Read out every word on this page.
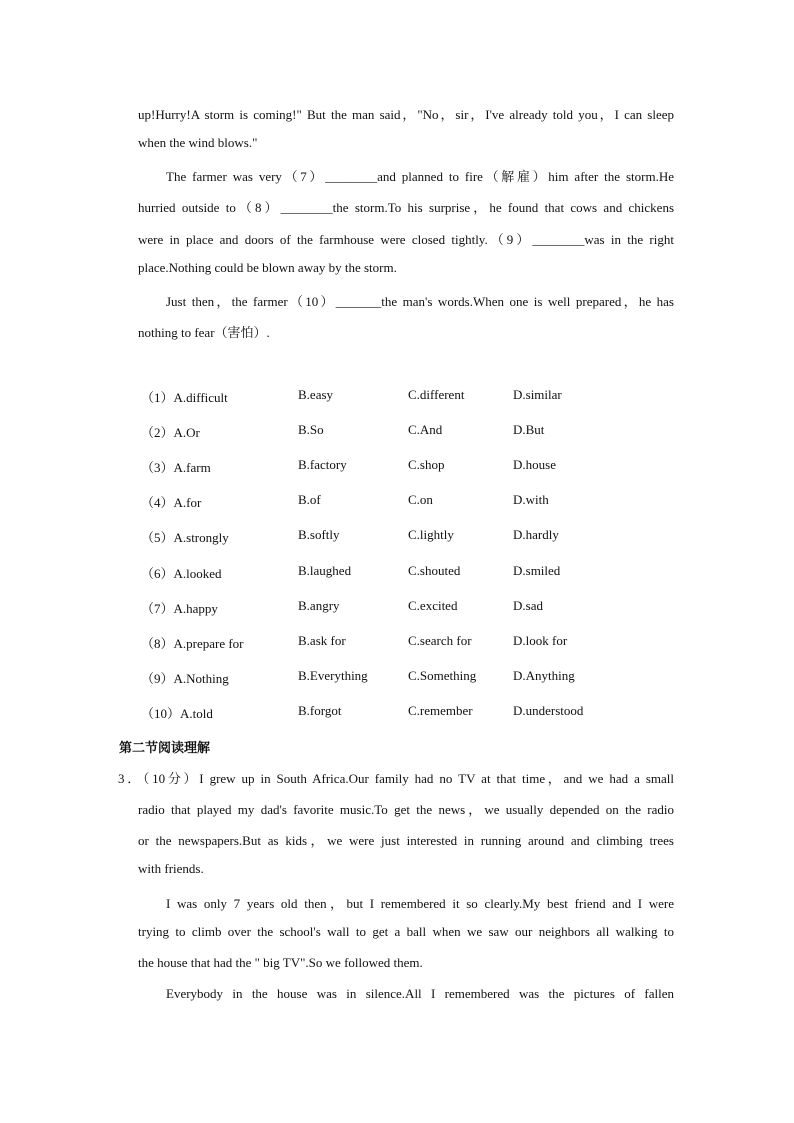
up!Hurry!A storm is coming!" But the man said，"No，sir，I've already told you，I can sleep
when the wind blows."
The farmer was very（7）________and planned to fire（解雇）him after the storm.He
hurried outside to（8）________the storm.To his surprise，he found that cows and chickens
were in place and doors of the farmhouse were closed tightly.（9）________was in the right
place.Nothing could be blown away by the storm.
Just then，the farmer（10）_______the man's words.When one is well prepared，he has
nothing to fear（害怕）.
（1）A.difficult	B.easy	C.different	D.similar
（2）A.Or	B.So	C.And	D.But
（3）A.farm	B.factory	C.shop	D.house
（4）A.for	B.of	C.on	D.with
（5）A.strongly	B.softly	C.lightly	D.hardly
（6）A.looked	B.laughed	C.shouted	D.smiled
（7）A.happy	B.angry	C.excited	D.sad
（8）A.prepare for	B.ask for	C.search for	D.look for
（9）A.Nothing	B.Everything	C.Something	D.Anything
（10）A.told	B.forgot	C.remember	D.understood
第二节阅读理解
3．（10分）I grew up in South Africa.Our family had no TV at that time，and we had a small
radio that played my dad's favorite music.To get the news，we usually depended on the radio
or the newspapers.But as kids，we were just interested in running around and climbing trees
with friends.
I was only 7 years old then，but I remembered it so clearly.My best friend and I were
trying to climb over the school's wall to get a ball when we saw our neighbors all walking to
the house that had the " big TV".So we followed them.
Everybody in the house was in silence.All I remembered was the pictures of fallen
